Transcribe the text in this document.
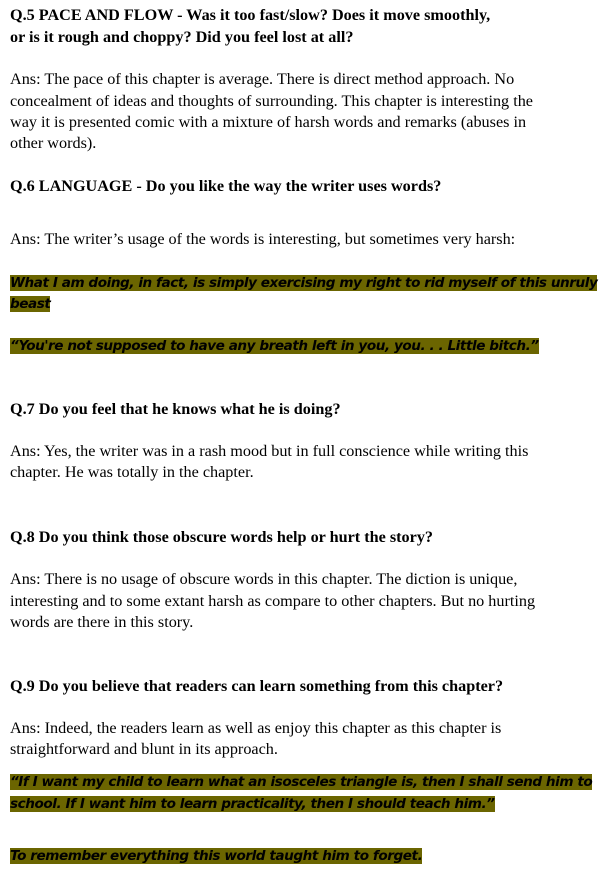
Q.5 PACE AND FLOW - Was it too fast/slow? Does it move smoothly,
or is it rough and choppy? Did you feel lost at all?
Ans: The pace of this chapter is average. There is direct method approach. No
concealment of ideas and thoughts of surrounding. This chapter is interesting the
way it is presented comic with a mixture of harsh words and remarks (abuses in
other words).
Q.6 LANGUAGE - Do you like the way the writer uses words?
Ans: The writer’s usage of the words is interesting, but sometimes very harsh:
What I am doing, in fact, is simply exercising my right to rid myself of this unruly
beast
“You're not supposed to have any breath left in you, you. . . Little bitch.”
Q.7 Do you feel that he knows what he is doing?
Ans: Yes, the writer was in a rash mood but in full conscience while writing this
chapter. He was totally in the chapter.
Q.8 Do you think those obscure words help or hurt the story?
Ans: There is no usage of obscure words in this chapter. The diction is unique,
interesting and to some extant harsh as compare to other chapters. But no hurting
words are there in this story.
Q.9 Do you believe that readers can learn something from this chapter?
Ans: Indeed, the readers learn as well as enjoy this chapter as this chapter is
straightforward and blunt in its approach.
“If I want my child to learn what an isosceles triangle is, then I shall send him to
school. If I want him to learn practicality, then I should teach him.”
To remember everything this world taught him to forget.
